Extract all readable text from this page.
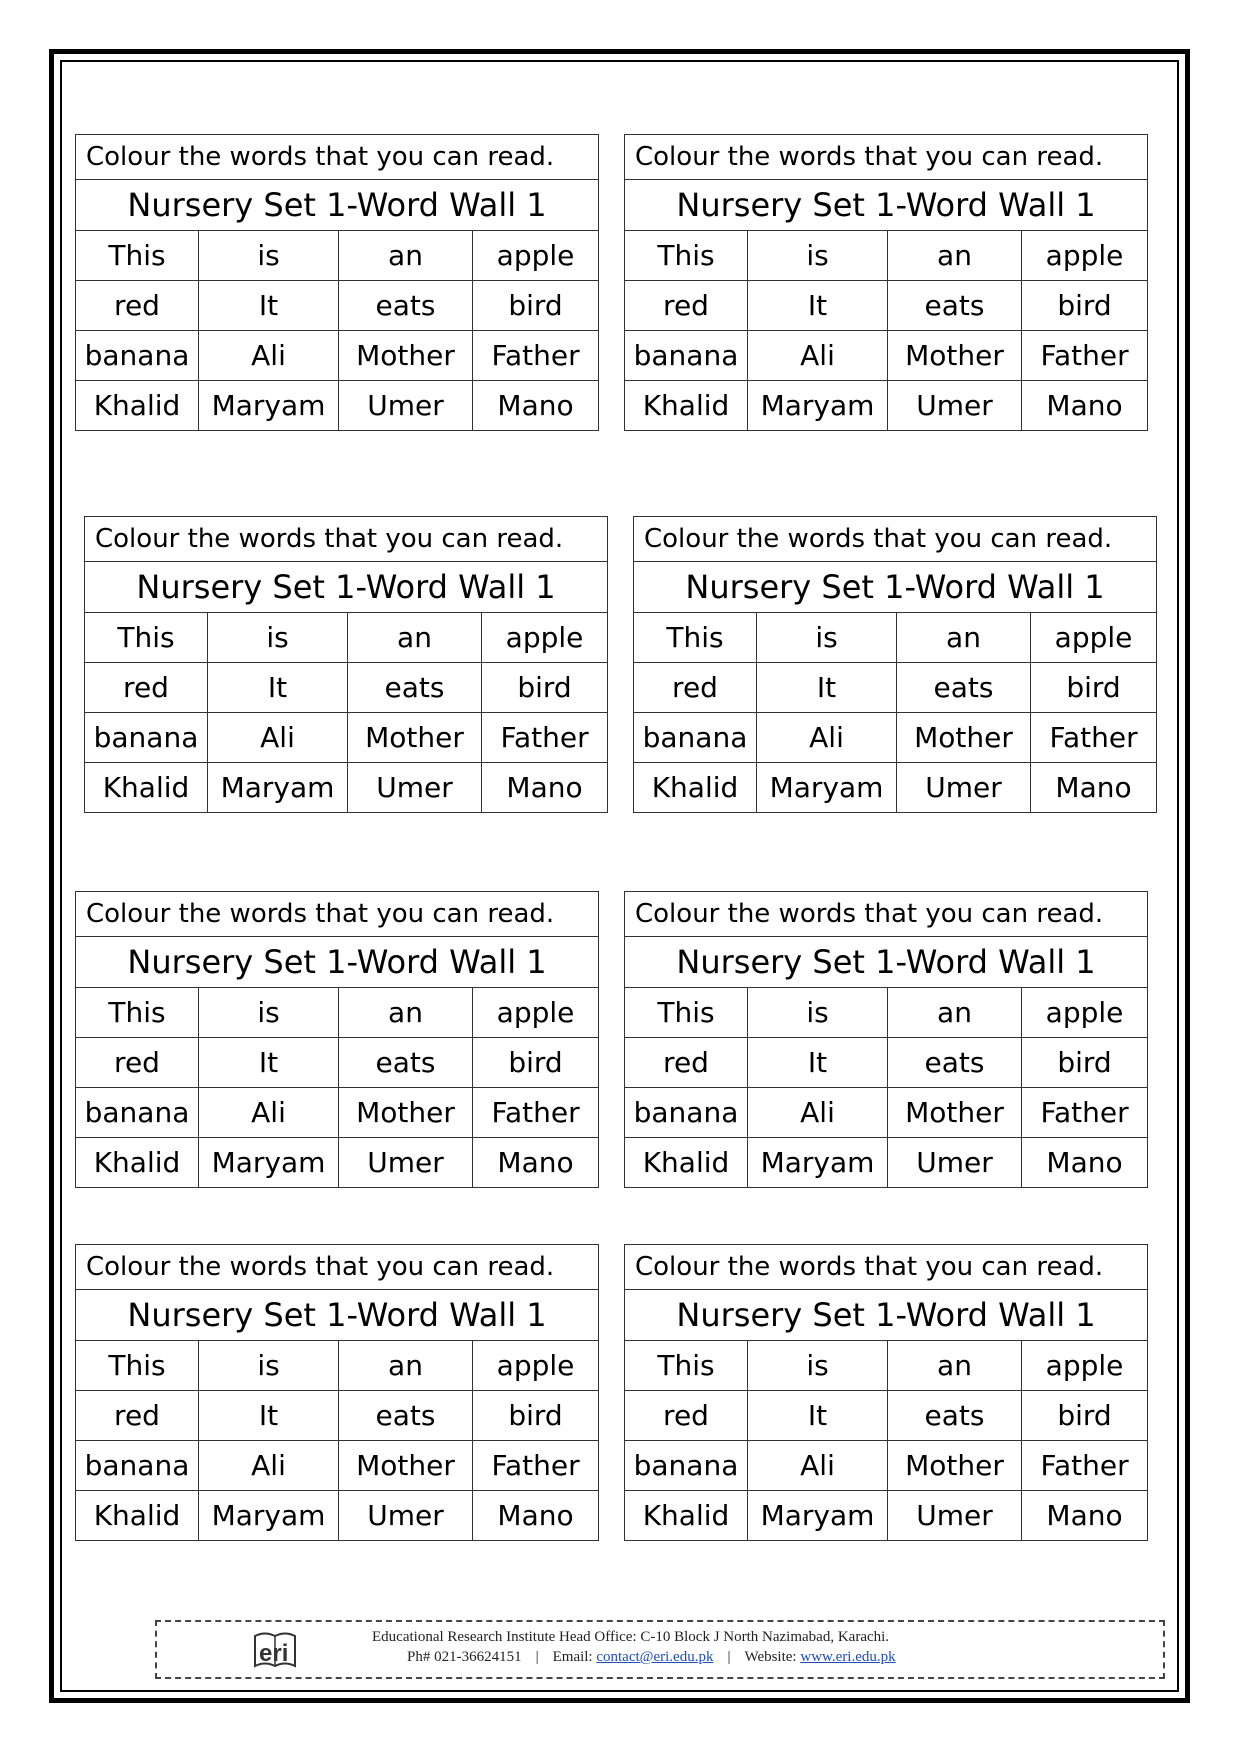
Colour the words that you can read.			
Nursery Set 1-Word Wall 1			
This	is	an	apple
red	It	eats	bird
banana	Ali	Mother	Father
Khalid	Maryam	Umer	Mano
Colour the words that you can read.			
Nursery Set 1-Word Wall 1			
This	is	an	apple
red	It	eats	bird
banana	Ali	Mother	Father
Khalid	Maryam	Umer	Mano
Colour the words that you can read.			
Nursery Set 1-Word Wall 1			
This	is	an	apple
red	It	eats	bird
banana	Ali	Mother	Father
Khalid	Maryam	Umer	Mano
Colour the words that you can read.			
Nursery Set 1-Word Wall 1			
This	is	an	apple
red	It	eats	bird
banana	Ali	Mother	Father
Khalid	Maryam	Umer	Mano
Colour the words that you can read.			
Nursery Set 1-Word Wall 1			
This	is	an	apple
red	It	eats	bird
banana	Ali	Mother	Father
Khalid	Maryam	Umer	Mano
Colour the words that you can read.			
Nursery Set 1-Word Wall 1			
This	is	an	apple
red	It	eats	bird
banana	Ali	Mother	Father
Khalid	Maryam	Umer	Mano
Colour the words that you can read.			
Nursery Set 1-Word Wall 1			
This	is	an	apple
red	It	eats	bird
banana	Ali	Mother	Father
Khalid	Maryam	Umer	Mano
Colour the words that you can read.			
Nursery Set 1-Word Wall 1			
This	is	an	apple
red	It	eats	bird
banana	Ali	Mother	Father
Khalid	Maryam	Umer	Mano
eri
Educational Research Institute Head Office: C-10 Block J North Nazimabad, Karachi.
Ph# 021-36624151 | Email: contact@eri.edu.pk | Website: www.eri.edu.pk
